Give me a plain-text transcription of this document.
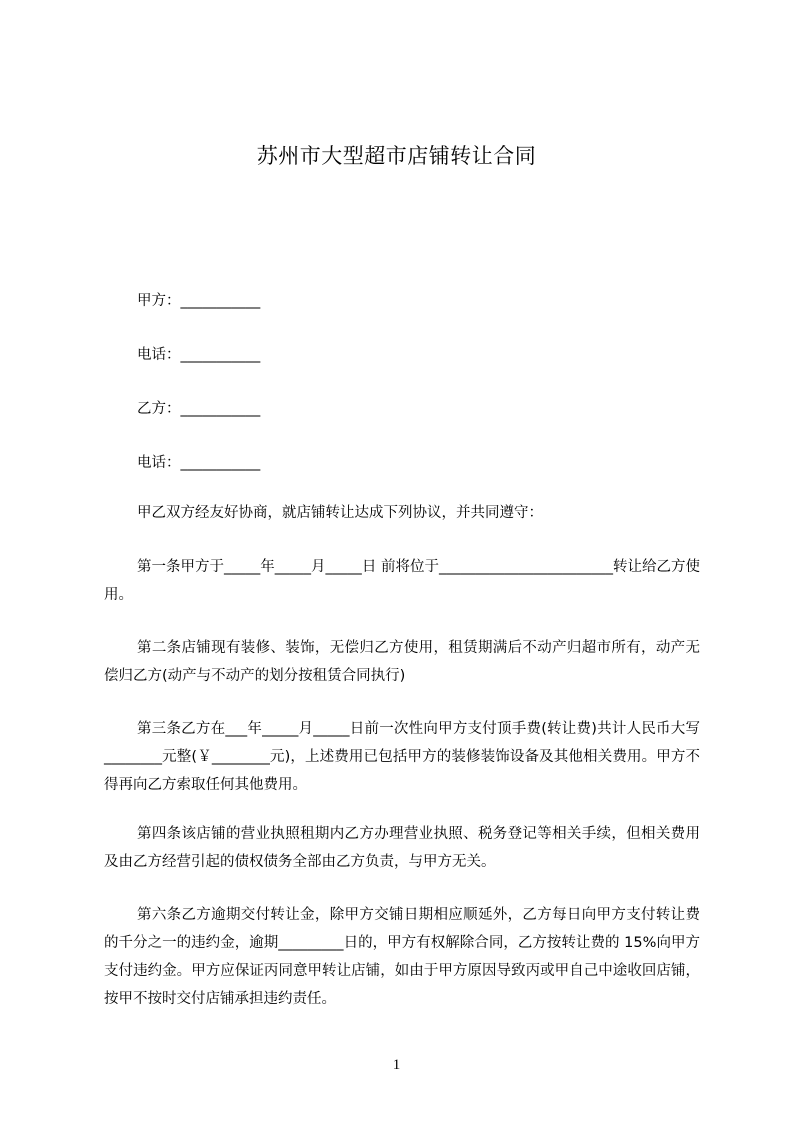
苏州市大型超市店铺转让合同
甲方：___________
电话：___________
乙方：___________
电话：___________
甲乙双方经友好协商，就店铺转让达成下列协议，并共同遵守：
第一条甲方于_____年_____月_____日 前将位于________________________转让给乙方使用。
第二条店铺现有装修、装饰，无偿归乙方使用，租赁期满后不动产归超市所有，动产无偿归乙方(动产与不动产的划分按租赁合同执行)
第三条乙方在___年_____月_____日前一次性向甲方支付顶手费(转让费)共计人民币大写________元整(￥________元)，上述费用已包括甲方的装修装饰设备及其他相关费用。甲方不得再向乙方索取任何其他费用。
第四条该店铺的营业执照租期内乙方办理营业执照、税务登记等相关手续，但相关费用及由乙方经营引起的债权债务全部由乙方负责，与甲方无关。
第六条乙方逾期交付转让金，除甲方交铺日期相应顺延外，乙方每日向甲方支付转让费的千分之一的违约金，逾期_________日的，甲方有权解除合同，乙方按转让费的 15%向甲方支付违约金。甲方应保证丙同意甲转让店铺，如由于甲方原因导致丙或甲自己中途收回店铺，按甲不按时交付店铺承担违约责任。
1
